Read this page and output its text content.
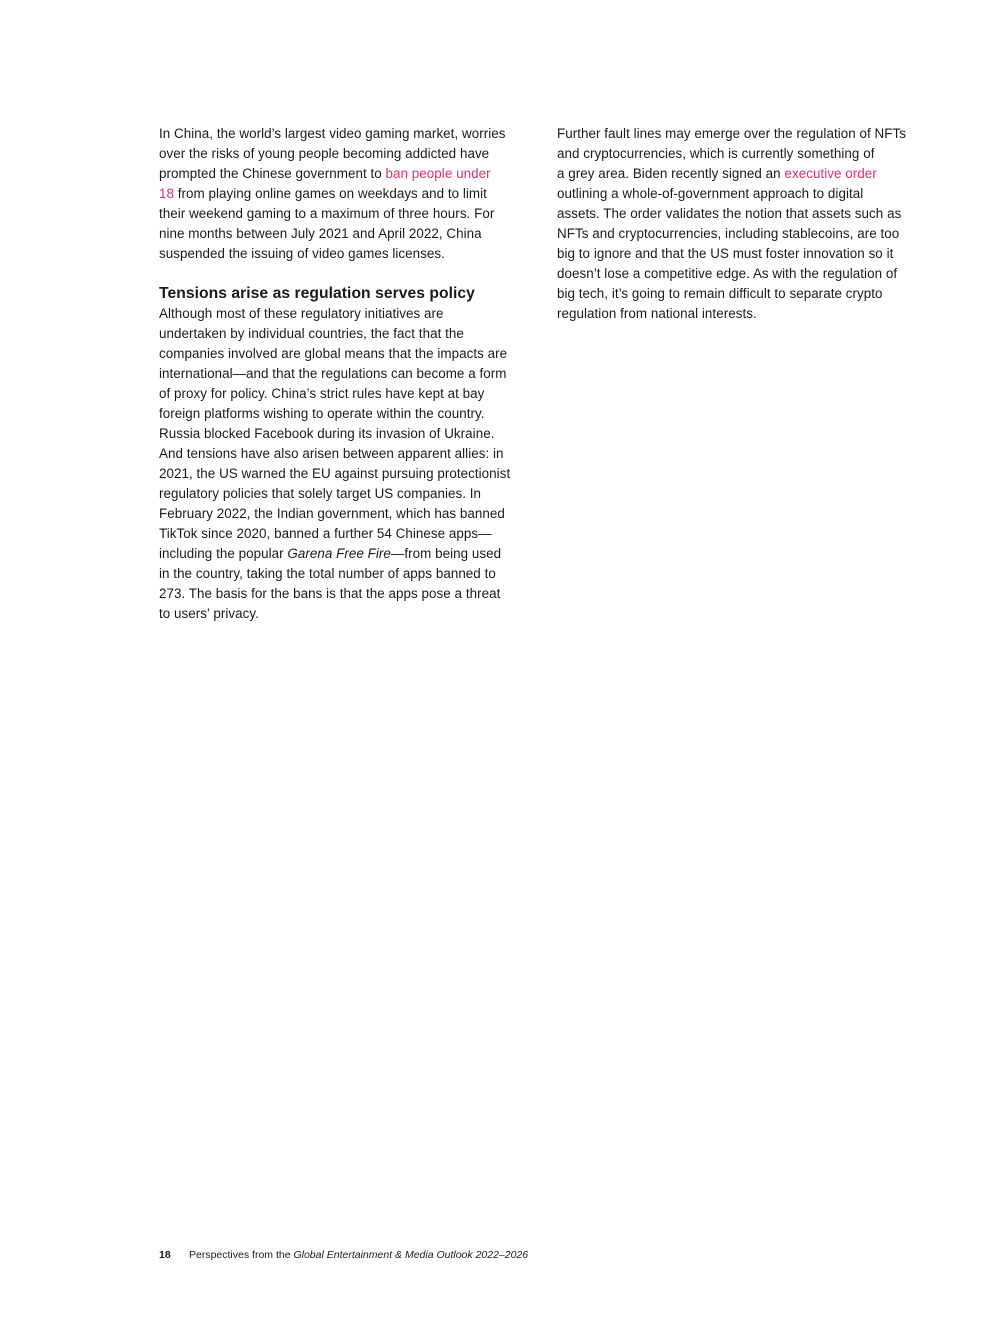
In China, the world’s largest video gaming market, worries
over the risks of young people becoming addicted have
prompted the Chinese government to ban people under
18 from playing online games on weekdays and to limit
their weekend gaming to a maximum of three hours. For
nine months between July 2021 and April 2022, China
suspended the issuing of video games licenses.

Tensions arise as regulation serves policy

Although most of these regulatory initiatives are
undertaken by individual countries, the fact that the
companies involved are global means that the impacts are
international—and that the regulations can become a form
of proxy for policy. China’s strict rules have kept at bay
foreign platforms wishing to operate within the country.
Russia blocked Facebook during its invasion of Ukraine.
And tensions have also arisen between apparent allies: in
2021, the US warned the EU against pursuing protectionist
regulatory policies that solely target US companies. In
February 2022, the Indian government, which has banned
TikTok since 2020, banned a further 54 Chinese apps—
including the popular Garena Free Fire—from being used
in the country, taking the total number of apps banned to
273. The basis for the bans is that the apps pose a threat
to users’ privacy.

Further fault lines may emerge over the regulation of NFTs
and cryptocurrencies, which is currently something of
a grey area. Biden recently signed an executive order
outlining a whole-of-government approach to digital
assets. The order validates the notion that assets such as
NFTs and cryptocurrencies, including stablecoins, are too
big to ignore and that the US must foster innovation so it
doesn’t lose a competitive edge. As with the regulation of
big tech, it’s going to remain difficult to separate crypto
regulation from national interests.

18 Perspectives from the Global Entertainment & Media Outlook 2022–2026
